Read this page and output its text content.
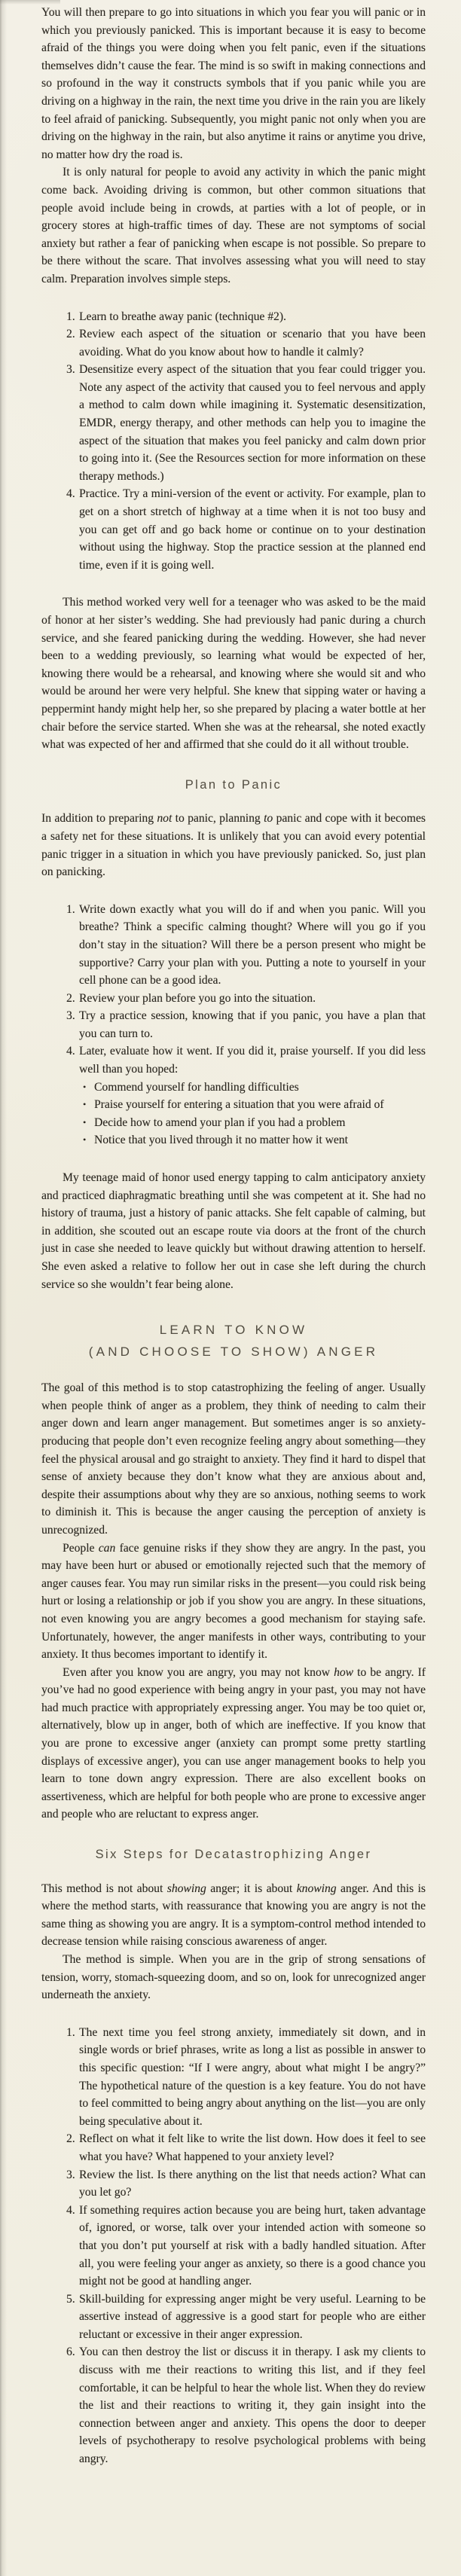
You will then prepare to go into situations in which you fear you will panic or in which you previously panicked. This is important because it is easy to become afraid of the things you were doing when you felt panic, even if the situations themselves didn’t cause the fear. The mind is so swift in making connections and so profound in the way it constructs symbols that if you panic while you are driving on a highway in the rain, the next time you drive in the rain you are likely to feel afraid of panicking. Subsequently, you might panic not only when you are driving on the highway in the rain, but also anytime it rains or anytime you drive, no matter how dry the road is.

It is only natural for people to avoid any activity in which the panic might come back. Avoiding driving is common, but other common situations that people avoid include being in crowds, at parties with a lot of people, or in grocery stores at high-traffic times of day. These are not symptoms of social anxiety but rather a fear of panicking when escape is not possible. So prepare to be there without the scare. That involves assessing what you will need to stay calm. Preparation involves simple steps.

1. Learn to breathe away panic (technique #2).
2. Review each aspect of the situation or scenario that you have been avoiding. What do you know about how to handle it calmly?
3. Desensitize every aspect of the situation that you fear could trigger you. Note any aspect of the activity that caused you to feel nervous and apply a method to calm down while imagining it. Systematic desensitization, EMDR, energy therapy, and other methods can help you to imagine the aspect of the situation that makes you feel panicky and calm down prior to going into it. (See the Resources section for more information on these therapy methods.)
4. Practice. Try a mini-version of the event or activity. For example, plan to get on a short stretch of highway at a time when it is not too busy and you can get off and go back home or continue on to your destination without using the highway. Stop the practice session at the planned end time, even if it is going well.

This method worked very well for a teenager who was asked to be the maid of honor at her sister’s wedding. She had previously had panic during a church service, and she feared panicking during the wedding. However, she had never been to a wedding previously, so learning what would be expected of her, knowing there would be a rehearsal, and knowing where she would sit and who would be around her were very helpful. She knew that sipping water or having a peppermint handy might help her, so she prepared by placing a water bottle at her chair before the service started. When she was at the rehearsal, she noted exactly what was expected of her and affirmed that she could do it all without trouble.

Plan to Panic

In addition to preparing not to panic, planning to panic and cope with it becomes a safety net for these situations. It is unlikely that you can avoid every potential panic trigger in a situation in which you have previously panicked. So, just plan on panicking.

1. Write down exactly what you will do if and when you panic. Will you breathe? Think a specific calming thought? Where will you go if you don’t stay in the situation? Will there be a person present who might be supportive? Carry your plan with you. Putting a note to yourself in your cell phone can be a good idea.
2. Review your plan before you go into the situation.
3. Try a practice session, knowing that if you panic, you have a plan that you can turn to.
4. Later, evaluate how it went. If you did it, praise yourself. If you did less well than you hoped:
• Commend yourself for handling difficulties
• Praise yourself for entering a situation that you were afraid of
• Decide how to amend your plan if you had a problem
• Notice that you lived through it no matter how it went

My teenage maid of honor used energy tapping to calm anticipatory anxiety and practiced diaphragmatic breathing until she was competent at it. She had no history of trauma, just a history of panic attacks. She felt capable of calming, but in addition, she scouted out an escape route via doors at the front of the church just in case she needed to leave quickly but without drawing attention to herself. She even asked a relative to follow her out in case she left during the church service so she wouldn’t fear being alone.

LEARN TO KNOW
(AND CHOOSE TO SHOW) ANGER

The goal of this method is to stop catastrophizing the feeling of anger. Usually when people think of anger as a problem, they think of needing to calm their anger down and learn anger management. But sometimes anger is so anxiety-producing that people don’t even recognize feeling angry about something—they feel the physical arousal and go straight to anxiety. They find it hard to dispel that sense of anxiety because they don’t know what they are anxious about and, despite their assumptions about why they are so anxious, nothing seems to work to diminish it. This is because the anger causing the perception of anxiety is unrecognized.

People can face genuine risks if they show they are angry. In the past, you may have been hurt or abused or emotionally rejected such that the memory of anger causes fear. You may run similar risks in the present—you could risk being hurt or losing a relationship or job if you show you are angry. In these situations, not even knowing you are angry becomes a good mechanism for staying safe. Unfortunately, however, the anger manifests in other ways, contributing to your anxiety. It thus becomes important to identify it.

Even after you know you are angry, you may not know how to be angry. If you’ve had no good experience with being angry in your past, you may not have had much practice with appropriately expressing anger. You may be too quiet or, alternatively, blow up in anger, both of which are ineffective. If you know that you are prone to excessive anger (anxiety can prompt some pretty startling displays of excessive anger), you can use anger management books to help you learn to tone down angry expression. There are also excellent books on assertiveness, which are helpful for both people who are prone to excessive anger and people who are reluctant to express anger.

Six Steps for Decatastrophizing Anger

This method is not about showing anger; it is about knowing anger. And this is where the method starts, with reassurance that knowing you are angry is not the same thing as showing you are angry. It is a symptom-control method intended to decrease tension while raising conscious awareness of anger.

The method is simple. When you are in the grip of strong sensations of tension, worry, stomach-squeezing doom, and so on, look for unrecognized anger underneath the anxiety.

1. The next time you feel strong anxiety, immediately sit down, and in single words or brief phrases, write as long a list as possible in answer to this specific question: “If I were angry, about what might I be angry?” The hypothetical nature of the question is a key feature. You do not have to feel committed to being angry about anything on the list—you are only being speculative about it.
2. Reflect on what it felt like to write the list down. How does it feel to see what you have? What happened to your anxiety level?
3. Review the list. Is there anything on the list that needs action? What can you let go?
4. If something requires action because you are being hurt, taken advantage of, ignored, or worse, talk over your intended action with someone so that you don’t put yourself at risk with a badly handled situation. After all, you were feeling your anger as anxiety, so there is a good chance you might not be good at handling anger.
5. Skill-building for expressing anger might be very useful. Learning to be assertive instead of aggressive is a good start for people who are either reluctant or excessive in their anger expression.
6. You can then destroy the list or discuss it in therapy. I ask my clients to discuss with me their reactions to writing this list, and if they feel comfortable, it can be helpful to hear the whole list. When they do review the list and their reactions to writing it, they gain insight into the connection between anger and anxiety. This opens the door to deeper levels of psychotherapy to resolve psychological problems with being angry.
